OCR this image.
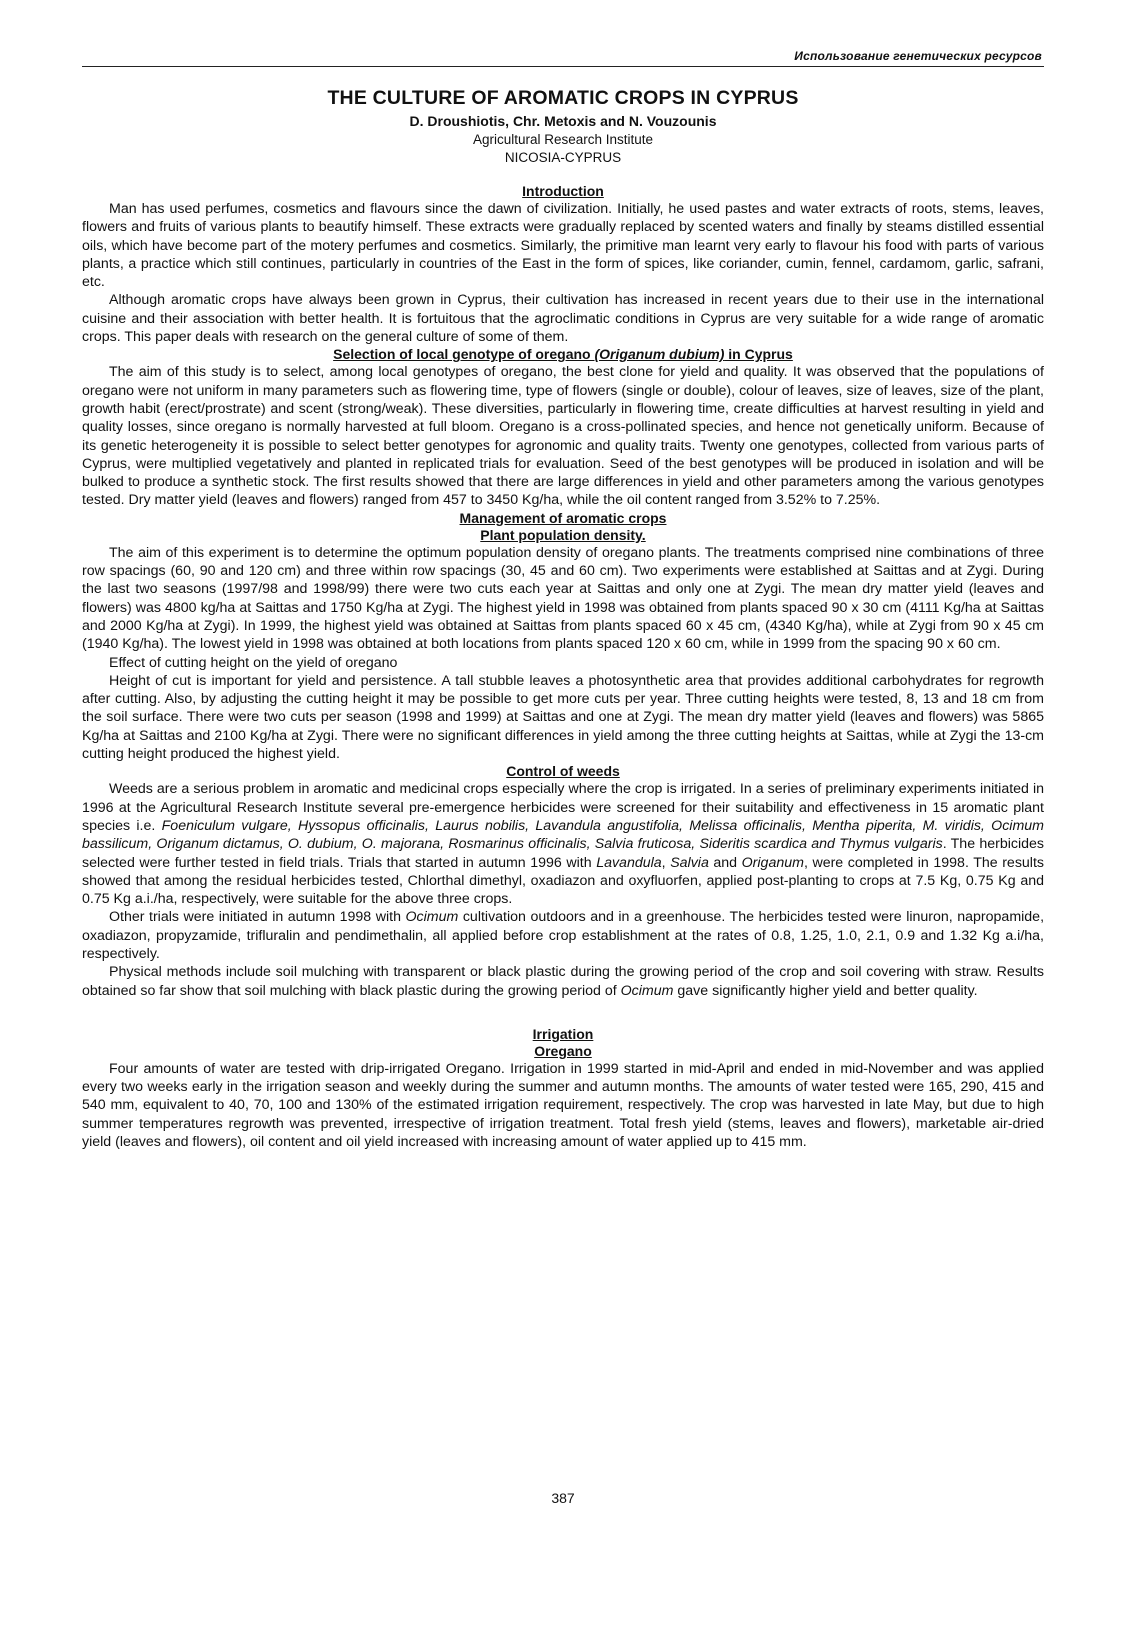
Использование генетических ресурсов
THE CULTURE OF AROMATIC CROPS IN CYPRUS
D. Droushiotis, Chr. Metoxis and N. Vouzounis
Agricultural Research Institute
NICOSIA-CYPRUS
Introduction

Man has used perfumes, cosmetics and flavours since the dawn of civilization. Initially, he used pastes and water extracts of roots, stems, leaves, flowers and fruits of various plants to beautify himself. These extracts were gradually replaced by scented waters and finally by steams distilled essential oils, which have become part of the motery perfumes and cosmetics. Similarly, the primitive man learnt very early to flavour his food with parts of various plants, a practice which still continues, particularly in countries of the East in the form of spices, like coriander, cumin, fennel, cardamom, garlic, safrani, etc.

Although aromatic crops have always been grown in Cyprus, their cultivation has increased in recent years due to their use in the international cuisine and their association with better health. It is fortuitous that the agroclimatic conditions in Cyprus are very suitable for a wide range of aromatic crops. This paper deals with research on the general culture of some of them.

Selection of local genotype of oregano (Origanum dubium) in Cyprus

The aim of this study is to select, among local genotypes of oregano, the best clone for yield and quality. It was observed that the populations of oregano were not uniform in many parameters such as flowering time, type of flowers (single or double), colour of leaves, size of leaves, size of the plant, growth habit (erect/prostrate) and scent (strong/weak). These diversities, particularly in flowering time, create difficulties at harvest resulting in yield and quality losses, since oregano is normally harvested at full bloom. Oregano is a cross-pollinated species, and hence not genetically uniform. Because of its genetic heterogeneity it is possible to select better genotypes for agronomic and quality traits. Twenty one genotypes, collected from various parts of Cyprus, were multiplied vegetatively and planted in replicated trials for evaluation. Seed of the best genotypes will be produced in isolation and will be bulked to produce a synthetic stock. The first results showed that there are large differences in yield and other parameters among the various genotypes tested. Dry matter yield (leaves and flowers) ranged from 457 to 3450 Kg/ha, while the oil content ranged from 3.52% to 7.25%.

Management of aromatic crops
Plant population density.

The aim of this experiment is to determine the optimum population density of oregano plants. The treatments comprised nine combinations of three row spacings (60, 90 and 120 cm) and three within row spacings (30, 45 and 60 cm). Two experiments were established at Saittas and at Zygi. During the last two seasons (1997/98 and 1998/99) there were two cuts each year at Saittas and only one at Zygi. The mean dry matter yield (leaves and flowers) was 4800 kg/ha at Saittas and 1750 Kg/ha at Zygi. The highest yield in 1998 was obtained from plants spaced 90 x 30 cm (4111 Kg/ha at Saittas and 2000 Kg/ha at Zygi). In 1999, the highest yield was obtained at Saittas from plants spaced 60 x 45 cm, (4340 Kg/ha), while at Zygi from 90 x 45 cm (1940 Kg/ha). The lowest yield in 1998 was obtained at both locations from plants spaced 120 x 60 cm, while in 1999 from the spacing 90 x 60 cm.

Effect of cutting height on the yield of oregano

Height of cut is important for yield and persistence. A tall stubble leaves a photosynthetic area that provides additional carbohydrates for regrowth after cutting. Also, by adjusting the cutting height it may be possible to get more cuts per year. Three cutting heights were tested, 8, 13 and 18 cm from the soil surface. There were two cuts per season (1998 and 1999) at Saittas and one at Zygi. The mean dry matter yield (leaves and flowers) was 5865 Kg/ha at Saittas and 2100 Kg/ha at Zygi. There were no significant differences in yield among the three cutting heights at Saittas, while at Zygi the 13-cm cutting height produced the highest yield.

Control of weeds

Weeds are a serious problem in aromatic and medicinal crops especially where the crop is irrigated. In a series of preliminary experiments initiated in 1996 at the Agricultural Research Institute several pre-emergence herbicides were screened for their suitability and effectiveness in 15 aromatic plant species i.e. Foeniculum vulgare, Hyssopus officinalis, Laurus nobilis, Lavandula angustifolia, Melissa officinalis, Mentha piperita, M. viridis, Ocimum bassilicum, Origanum dictamus, O. dubium, O. majorana, Rosmarinus officinalis, Salvia fruticosa, Sideritis scardica and Thymus vulgaris. The herbicides selected were further tested in field trials. Trials that started in autumn 1996 with Lavandula, Salvia and Origanum, were completed in 1998. The results showed that among the residual herbicides tested, Chlorthal dimethyl, oxadiazon and oxyfluorfen, applied post-planting to crops at 7.5 Kg, 0.75 Kg and 0.75 Kg a.i./ha, respectively, were suitable for the above three crops.

Other trials were initiated in autumn 1998 with Ocimum cultivation outdoors and in a greenhouse. The herbicides tested were linuron, napropamide, oxadiazon, propyzamide, trifluralin and pendimethalin, all applied before crop establishment at the rates of 0.8, 1.25, 1.0, 2.1, 0.9 and 1.32 Kg a.i/ha, respectively.

Physical methods include soil mulching with transparent or black plastic during the growing period of the crop and soil covering with straw. Results obtained so far show that soil mulching with black plastic during the growing period of Ocimum gave significantly higher yield and better quality.

Irrigation
Oregano

Four amounts of water are tested with drip-irrigated Oregano. Irrigation in 1999 started in mid-April and ended in mid-November and was applied every two weeks early in the irrigation season and weekly during the summer and autumn months. The amounts of water tested were 165, 290, 415 and 540 mm, equivalent to 40, 70, 100 and 130% of the estimated irrigation requirement, respectively. The crop was harvested in late May, but due to high summer temperatures regrowth was prevented, irrespective of irrigation treatment. Total fresh yield (stems, leaves and flowers), marketable air-dried yield (leaves and flowers), oil content and oil yield increased with increasing amount of water applied up to 415 mm.

387
